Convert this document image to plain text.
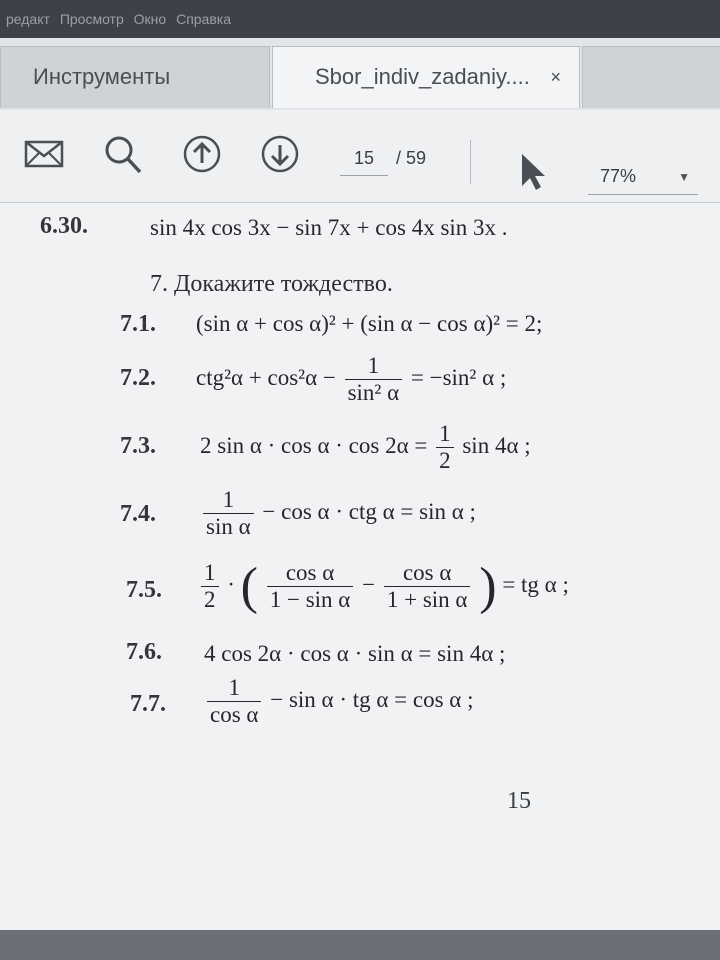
редакт Просмотр Окно Справка
Инструменты	Sbor_indiv_zadaniy.... ×
15	/ 59
77%	▼
6.30.	sin 4x cos 3x − sin 7x + cos 4x sin 3x .
7. Докажите тождество.
7.1. (sin α + cos α)² + (sin α − cos α)² = 2;
7.2. $ctg^2\alpha + \cos^2\alpha - \frac{1}{\text{sin² α}} = -\sin^2$ α ;
7.3. 2 $\sin \alpha \cdot \cos \alpha \cdot \cos 2\alpha = \frac{1}{2}$ sin 4α ;
7.4. $\frac{1}{\text{sin α}} - \cos \alpha$ · ctg α = sin α ;
7.5. $\frac{1}{2}$ · ( $\frac{\text{cos α}}{\text{1 − sin α}} - \frac{\text{cos α}}{\text{1 + sin α}}$ ) = tg α ;
7.6. 4 cos 2α · cos α · sin α = sin 4α ;
7.7. $\frac{1}{\text{cos α}} - \sin \alpha$ · tg α = cos α ;
15
